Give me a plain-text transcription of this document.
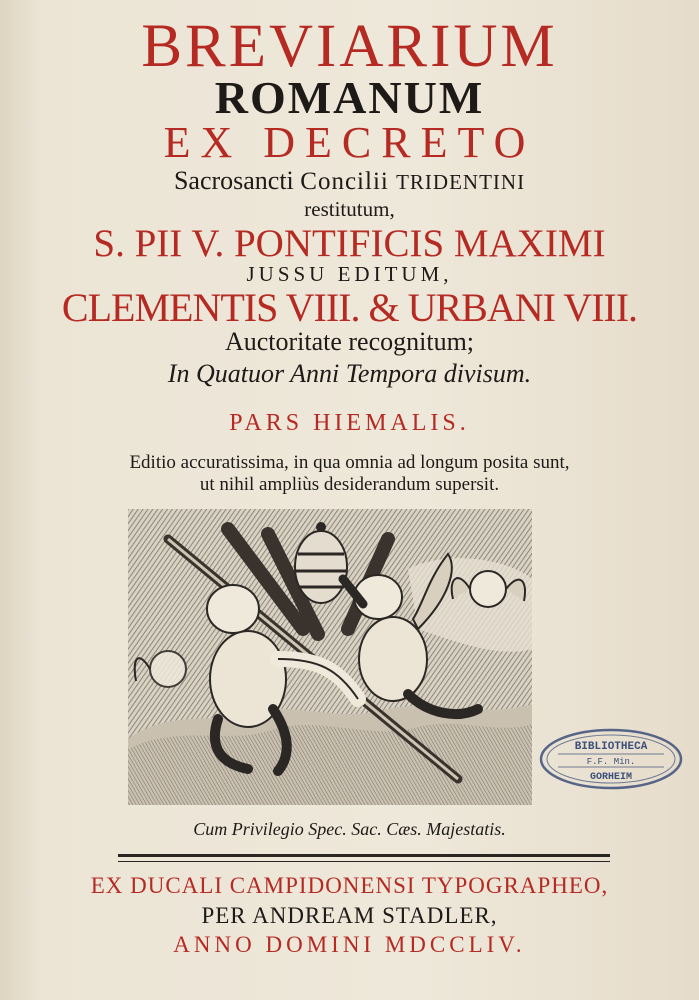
BREVIARIUM
ROMANUM
EX DECRETO
Sacrosancti Concilii TRIDENTINI
restitutum,
S. PII V. PONTIFICIS MAXIMI
JUSSU EDITUM,
CLEMENTIS VIII. & URBANI VIII.
Auctoritate recognitum;
In Quatuor Anni Tempora divisum.
PARS HIEMALIS.
Editio accuratissima, in qua omnia ad longum posita sunt,
ut nihil ampliùs desiderandum supersit.
BIBLIOTHECA
F.F. Min.
GORHEIM
Cum Privilegio Spec. Sac. Cæs. Majestatis.
EX DUCALI CAMPIDONENSI TYPOGRAPHEO,
PER ANDREAM STADLER,
ANNO DOMINI MDCCLIV.
